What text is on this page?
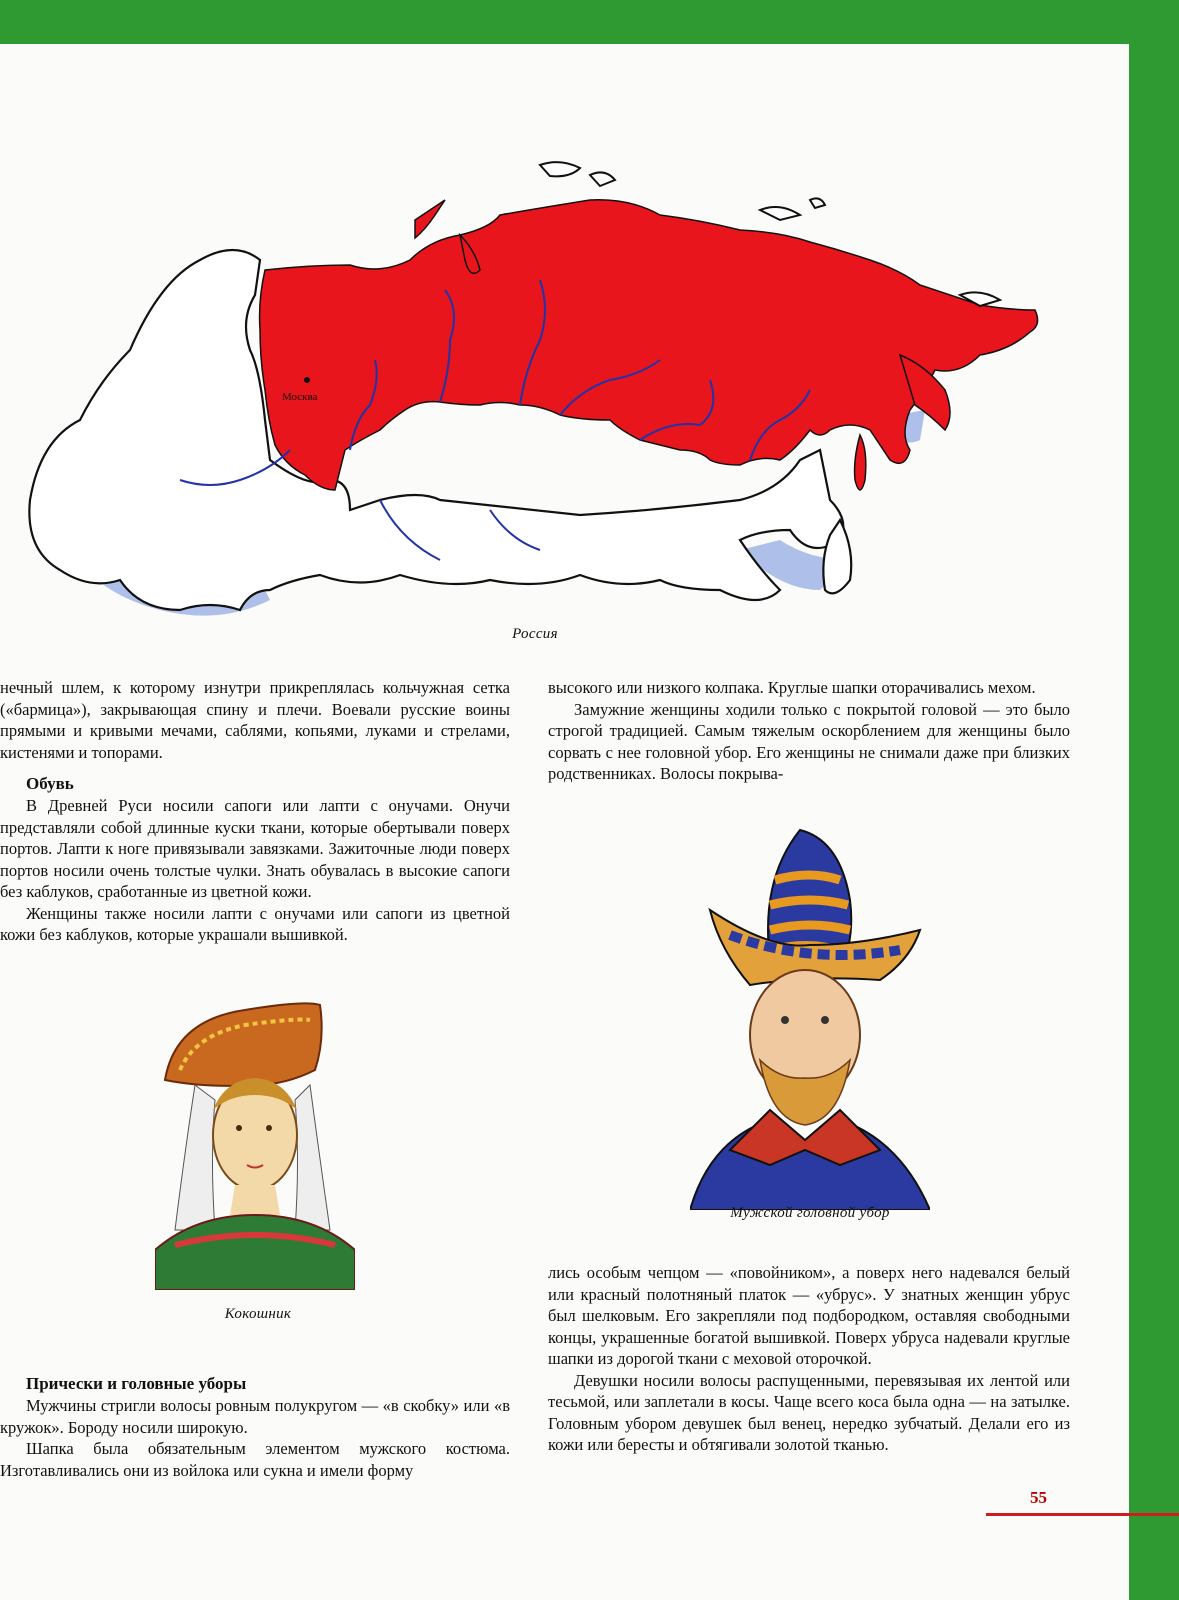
Москва
Россия

нечный шлем, к которому изнутри прикреплялась кольчужная сетка («бармица»), закрывающая спину и плечи. Воевали русские воины прямыми и кривыми мечами, саблями, копьями, луками и стрелами, кистенями и топорами.

Обувь

В Древней Руси носили сапоги или лапти с онучами. Онучи представляли собой длинные куски ткани, которые обертывали поверх портов. Лапти к ноге привязывали завязками. Зажиточные люди поверх портов носили очень толстые чулки. Знать обувалась в высокие сапоги без каблуков, сработанные из цветной кожи.

Женщины также носили лапти с онучами или сапоги из цветной кожи без каблуков, которые украшали вышивкой.

Кокошник

Прически и головные уборы

Мужчины стригли волосы ровным полукругом — «в скобку» или «в кружок». Бороду носили широкую.

Шапка была обязательным элементом мужского костюма. Изготавливались они из войлока или сукна и имели форму

высокого или низкого колпака. Круглые шапки оторачивались мехом.

Замужние женщины ходили только с покрытой головой — это было строгой традицией. Самым тяжелым оскорблением для женщины было сорвать с нее головной убор. Его женщины не снимали даже при близких родственниках. Волосы покрыва-

Мужской головной убор

лись особым чепцом — «повойником», а поверх него надевался белый или красный полотняный платок — «убрус». У знатных женщин убрус был шелковым. Его закрепляли под подбородком, оставляя свободными концы, украшенные богатой вышивкой. Поверх убруса надевали круглые шапки из дорогой ткани с меховой оторочкой.

Девушки носили волосы распущенными, перевязывая их лентой или тесьмой, или заплетали в косы. Чаще всего коса была одна — на затылке. Головным убором девушек был венец, нередко зубчатый. Делали его из кожи или бересты и обтягивали золотой тканью.

55
